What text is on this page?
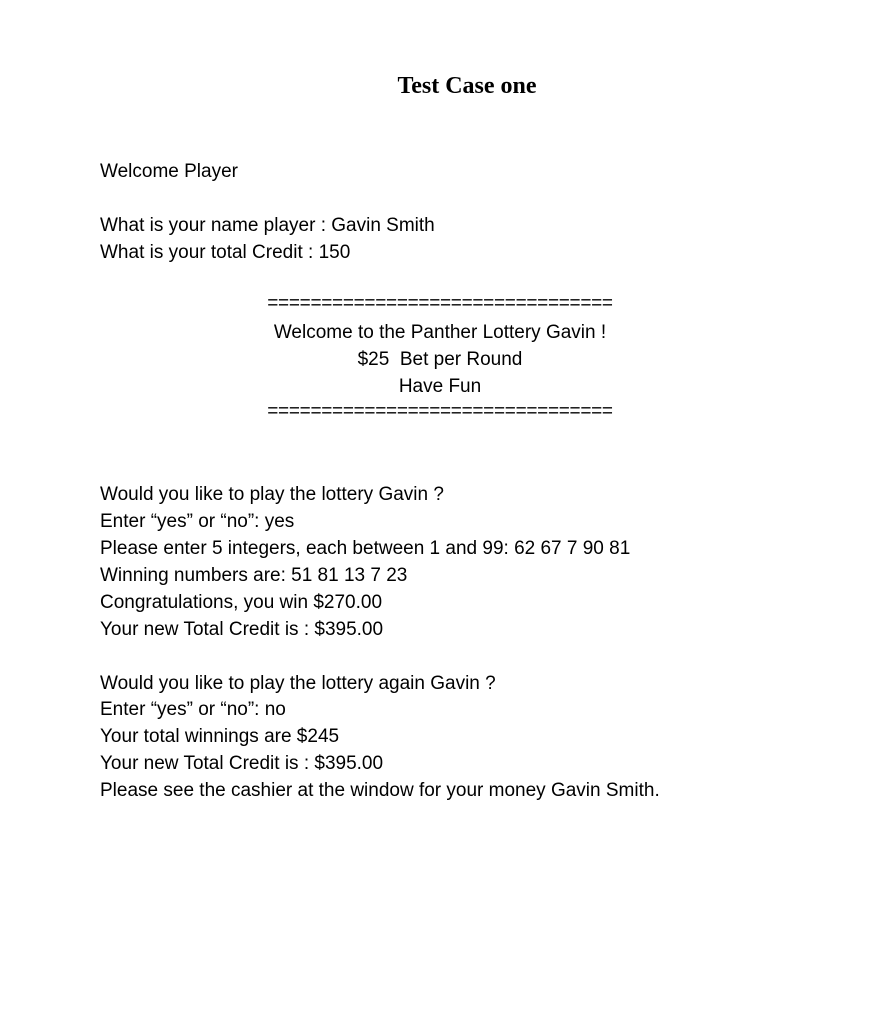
Test Case one
Welcome Player
What is your name player : Gavin Smith
What is your total Credit : 150
================================
Welcome to the Panther Lottery Gavin !
$25  Bet per Round
Have Fun
================================
Would you like to play the lottery Gavin ?
Enter “yes” or “no”: yes
Please enter 5 integers, each between 1 and 99: 62 67 7 90 81
Winning numbers are: 51 81 13 7 23
Congratulations, you win $270.00
Your new Total Credit is : $395.00
Would you like to play the lottery again Gavin ?
Enter “yes” or “no”: no
Your total winnings are $245
Your new Total Credit is : $395.00
Please see the cashier at the window for your money Gavin Smith.
